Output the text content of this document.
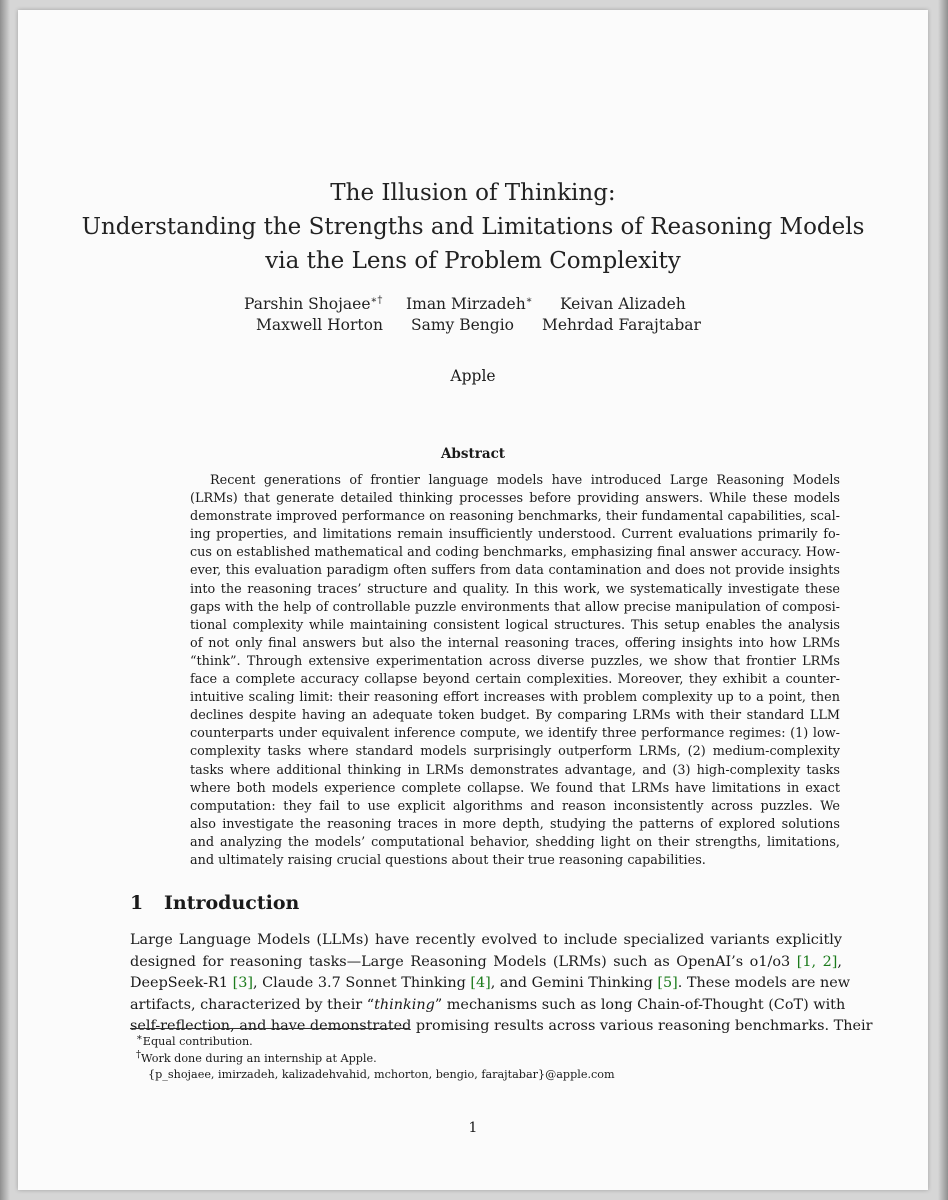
The Illusion of Thinking:
Understanding the Strengths and Limitations of Reasoning Models
via the Lens of Problem Complexity
Parshin Shojaee∗† Iman Mirzadeh∗ Keivan Alizadeh
Maxwell Horton Samy Bengio Mehrdad Farajtabar
Apple
Abstract
Recent generations of frontier language models have introduced Large Reasoning Models
(LRMs) that generate detailed thinking processes before providing answers. While these models
demonstrate improved performance on reasoning benchmarks, their fundamental capabilities, scal-
ing properties, and limitations remain insufficiently understood. Current evaluations primarily fo-
cus on established mathematical and coding benchmarks, emphasizing final answer accuracy. How-
ever, this evaluation paradigm often suffers from data contamination and does not provide insights
into the reasoning traces’ structure and quality. In this work, we systematically investigate these
gaps with the help of controllable puzzle environments that allow precise manipulation of composi-
tional complexity while maintaining consistent logical structures. This setup enables the analysis
of not only final answers but also the internal reasoning traces, offering insights into how LRMs
“think”. Through extensive experimentation across diverse puzzles, we show that frontier LRMs
face a complete accuracy collapse beyond certain complexities. Moreover, they exhibit a counter-
intuitive scaling limit: their reasoning effort increases with problem complexity up to a point, then
declines despite having an adequate token budget. By comparing LRMs with their standard LLM
counterparts under equivalent inference compute, we identify three performance regimes: (1) low-
complexity tasks where standard models surprisingly outperform LRMs, (2) medium-complexity
tasks where additional thinking in LRMs demonstrates advantage, and (3) high-complexity tasks
where both models experience complete collapse. We found that LRMs have limitations in exact
computation: they fail to use explicit algorithms and reason inconsistently across puzzles. We
also investigate the reasoning traces in more depth, studying the patterns of explored solutions
and analyzing the models’ computational behavior, shedding light on their strengths, limitations,
and ultimately raising crucial questions about their true reasoning capabilities.
1 Introduction
Large Language Models (LLMs) have recently evolved to include specialized variants explicitly
designed for reasoning tasks—Large Reasoning Models (LRMs) such as OpenAI’s o1/o3 [1, 2],
DeepSeek-R1 [3], Claude 3.7 Sonnet Thinking [4], and Gemini Thinking [5]. These models are new
artifacts, characterized by their “thinking” mechanisms such as long Chain-of-Thought (CoT) with
self-reflection, and have demonstrated promising results across various reasoning benchmarks. Their
∗Equal contribution.
†Work done during an internship at Apple.
{p_shojaee, imirzadeh, kalizadehvahid, mchorton, bengio, farajtabar}@apple.com
1
